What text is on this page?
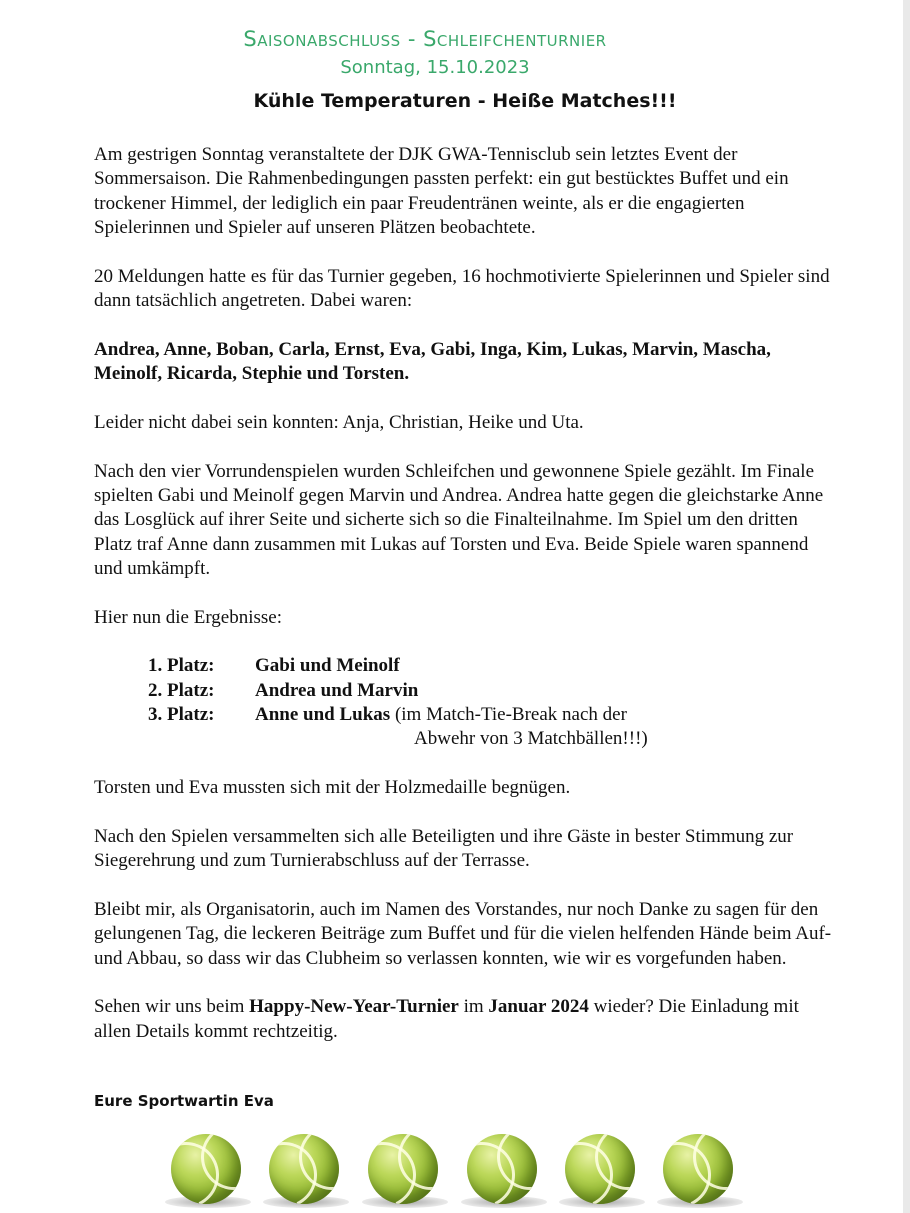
Saisonabschluss - Schleifchenturnier
Sonntag, 15.10.2023
Kühle Temperaturen - Heiße Matches!!!

Am gestrigen Sonntag veranstaltete der DJK GWA-Tennisclub sein letztes Event der Sommersaison. Die Rahmenbedingungen passten perfekt: ein gut bestücktes Buffet und ein trockener Himmel, der lediglich ein paar Freudentränen weinte, als er die engagierten Spielerinnen und Spieler auf unseren Plätzen beobachtete.

20 Meldungen hatte es für das Turnier gegeben, 16 hochmotivierte Spielerinnen und Spieler sind dann tatsächlich angetreten. Dabei waren:

Andrea, Anne, Boban, Carla, Ernst, Eva, Gabi, Inga, Kim, Lukas, Marvin, Mascha, Meinolf, Ricarda, Stephie und Torsten.

Leider nicht dabei sein konnten: Anja, Christian, Heike und Uta.

Nach den vier Vorrundenspielen wurden Schleifchen und gewonnene Spiele gezählt. Im Finale spielten Gabi und Meinolf gegen Marvin und Andrea. Andrea hatte gegen die gleichstarke Anne das Losglück auf ihrer Seite und sicherte sich so die Finalteilnahme. Im Spiel um den dritten Platz traf Anne dann zusammen mit Lukas auf Torsten und Eva. Beide Spiele waren spannend und umkämpft.

Hier nun die Ergebnisse:

1. Platz:	Gabi und Meinolf
2. Platz:	Andrea und Marvin
3. Platz:	Anne und Lukas (im Match-Tie-Break nach der
Abwehr von 3 Matchbällen!!!)

Torsten und Eva mussten sich mit der Holzmedaille begnügen.

Nach den Spielen versammelten sich alle Beteiligten und ihre Gäste in bester Stimmung zur Siegerehrung und zum Turnierabschluss auf der Terrasse.

Bleibt mir, als Organisatorin, auch im Namen des Vorstandes, nur noch Danke zu sagen für den gelungenen Tag, die leckeren Beiträge zum Buffet und für die vielen helfenden Hände beim Auf- und Abbau, so dass wir das Clubheim so verlassen konnten, wie wir es vorgefunden haben.

Sehen wir uns beim Happy-New-Year-Turnier im Januar 2024 wieder? Die Einladung mit allen Details kommt rechtzeitig.

Eure Sportwartin Eva
